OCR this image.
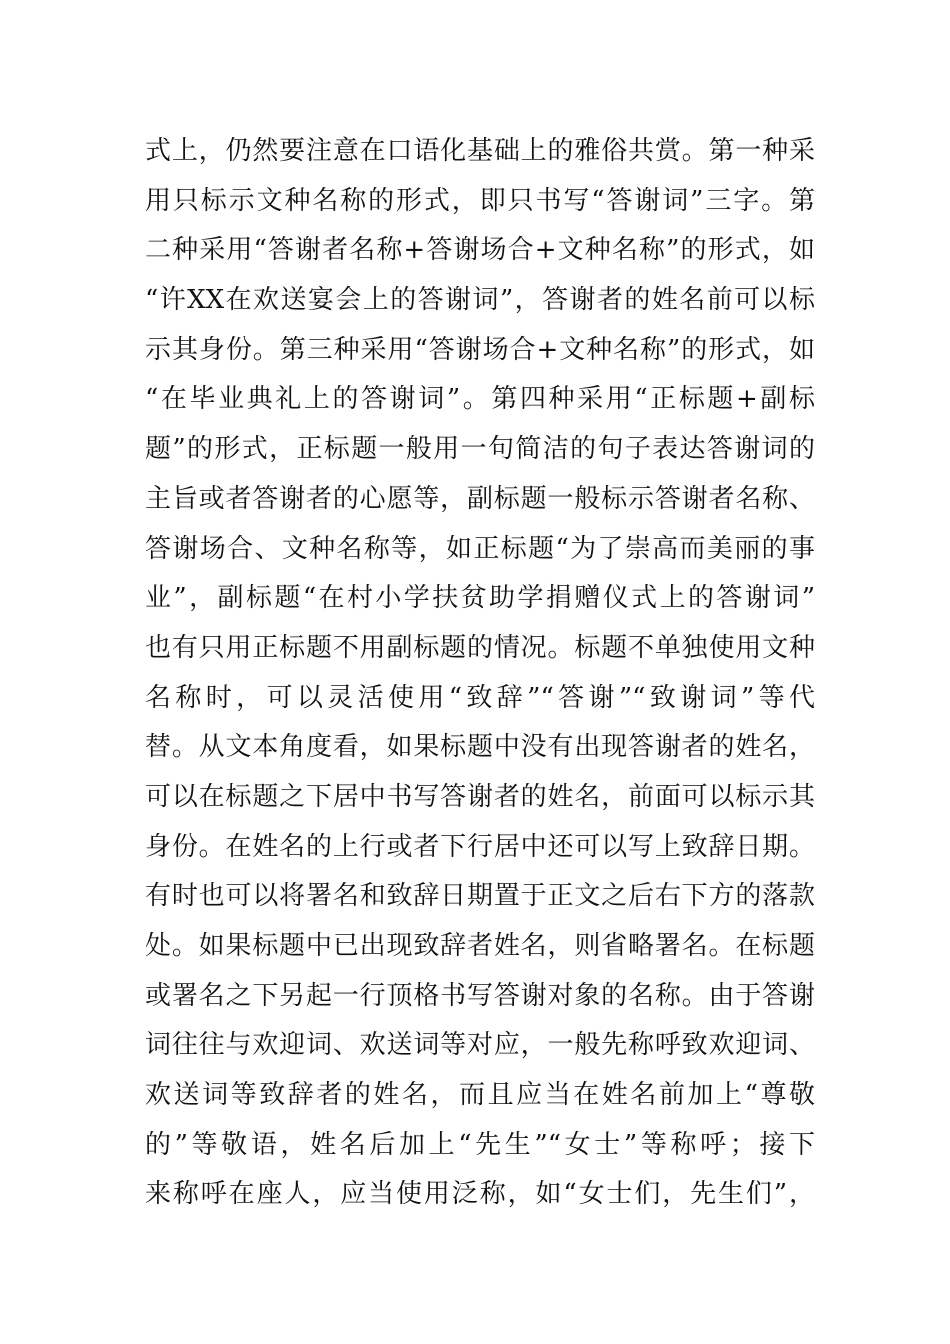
式上，仍然要注意在口语化基础上的雅俗共赏。第一种采
用只标示文种名称的形式，即只书写“答谢词”三字。第
二种采用“答谢者名称+答谢场合+文种名称”的形式，如
“许XX在欢送宴会上的答谢词”，答谢者的姓名前可以标
示其身份。第三种采用“答谢场合+文种名称”的形式，如
“在毕业典礼上的答谢词”。第四种采用“正标题+副标
题”的形式，正标题一般用一句简洁的句子表达答谢词的
主旨或者答谢者的心愿等，副标题一般标示答谢者名称、
答谢场合、文种名称等，如正标题“为了崇高而美丽的事
业”，副标题“在村小学扶贫助学捐赠仪式上的答谢词”
也有只用正标题不用副标题的情况。标题不单独使用文种
名称时，可以灵活使用“致辞”“答谢”“致谢词”等代
替。从文本角度看，如果标题中没有出现答谢者的姓名，
可以在标题之下居中书写答谢者的姓名，前面可以标示其
身份。在姓名的上行或者下行居中还可以写上致辞日期。
有时也可以将署名和致辞日期置于正文之后右下方的落款
处。如果标题中已出现致辞者姓名，则省略署名。在标题
或署名之下另起一行顶格书写答谢对象的名称。由于答谢
词往往与欢迎词、欢送词等对应，一般先称呼致欢迎词、
欢送词等致辞者的姓名，而且应当在姓名前加上“尊敬
的”等敬语，姓名后加上“先生”“女士”等称呼；接下
来称呼在座人，应当使用泛称，如“女士们，先生们”，
